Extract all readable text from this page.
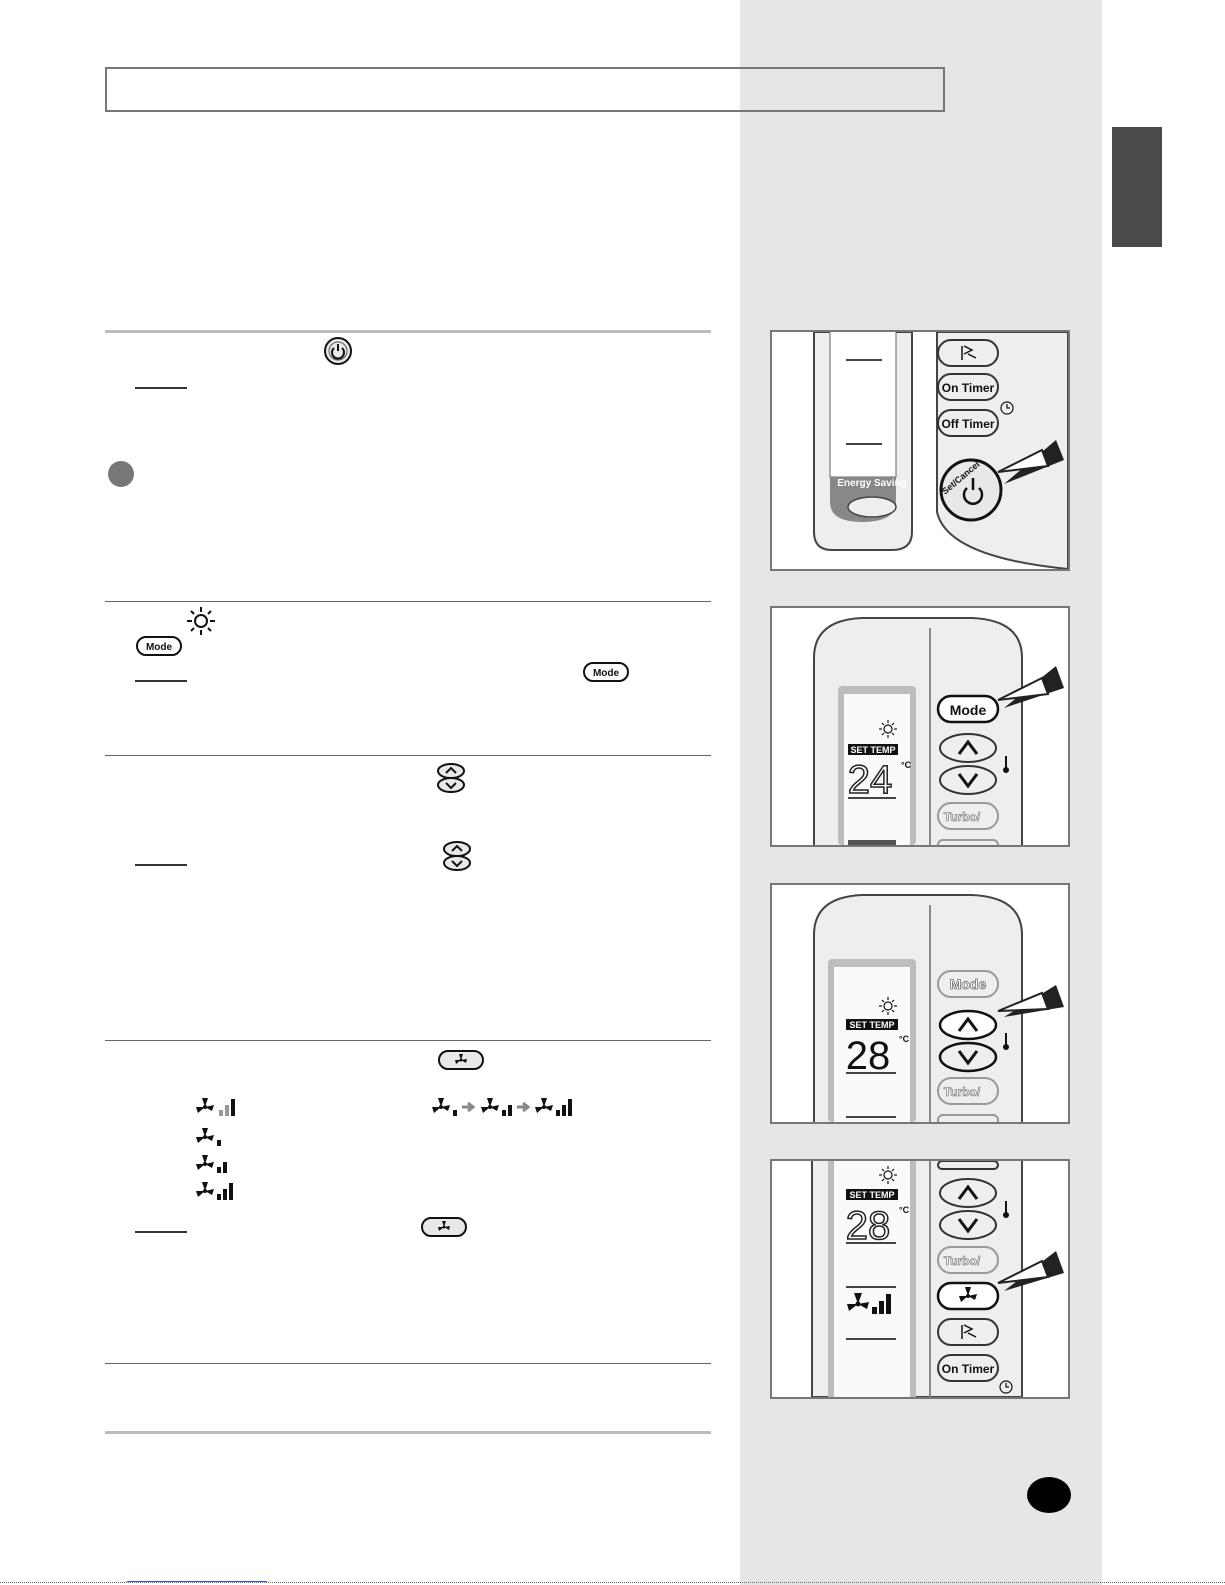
Mode
Mode
Energy Saving
On Timer
Off Timer
Set/Cancel
SET TEMP
24 °C
Mode
Turbo/
SET TEMP
28 °C
Mode
Turbo/
SET TEMP
28 °C
Turbo/
On Timer
